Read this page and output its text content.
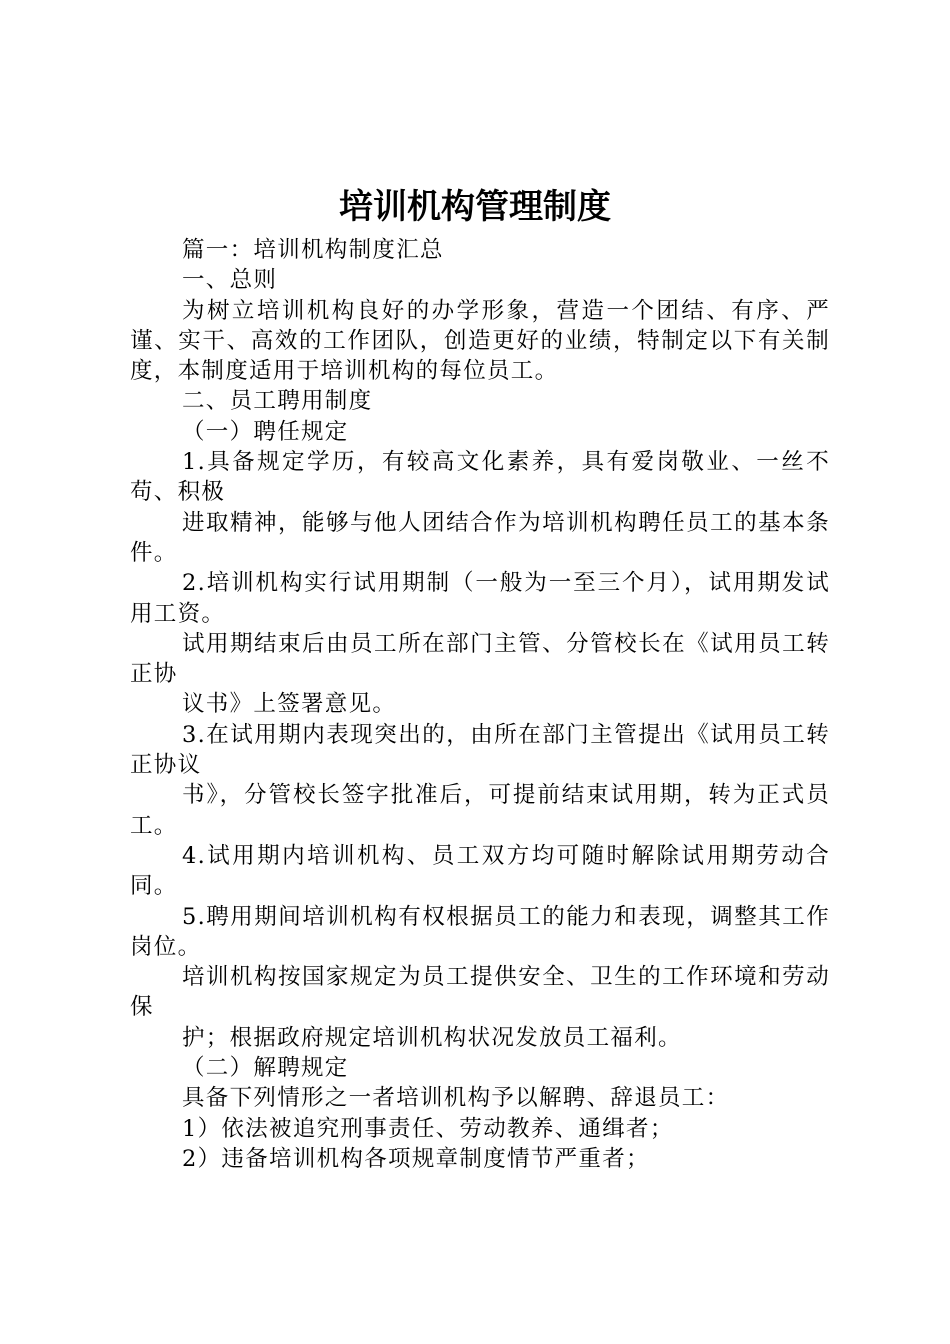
培训机构管理制度

篇一：培训机构制度汇总

一、总则

为树立培训机构良好的办学形象，营造一个团结、有序、严谨、实干、高效的工作团队，创造更好的业绩，特制定以下有关制度，本制度适用于培训机构的每位员工。

二、员工聘用制度

（一）聘任规定

1.具备规定学历，有较高文化素养，具有爱岗敬业、一丝不苟、积极

进取精神，能够与他人团结合作为培训机构聘任员工的基本条件。

2.培训机构实行试用期制（一般为一至三个月），试用期发试用工资。

试用期结束后由员工所在部门主管、分管校长在《试用员工转正协

议书》上签署意见。

3.在试用期内表现突出的，由所在部门主管提出《试用员工转正协议

书》，分管校长签字批准后，可提前结束试用期，转为正式员工。

4.试用期内培训机构、员工双方均可随时解除试用期劳动合同。

5.聘用期间培训机构有权根据员工的能力和表现，调整其工作岗位。

培训机构按国家规定为员工提供安全、卫生的工作环境和劳动保

护；根据政府规定培训机构状况发放员工福利。

（二）解聘规定

具备下列情形之一者培训机构予以解聘、辞退员工：

1）依法被追究刑事责任、劳动教养、通缉者；

2）违备培训机构各项规章制度情节严重者；
